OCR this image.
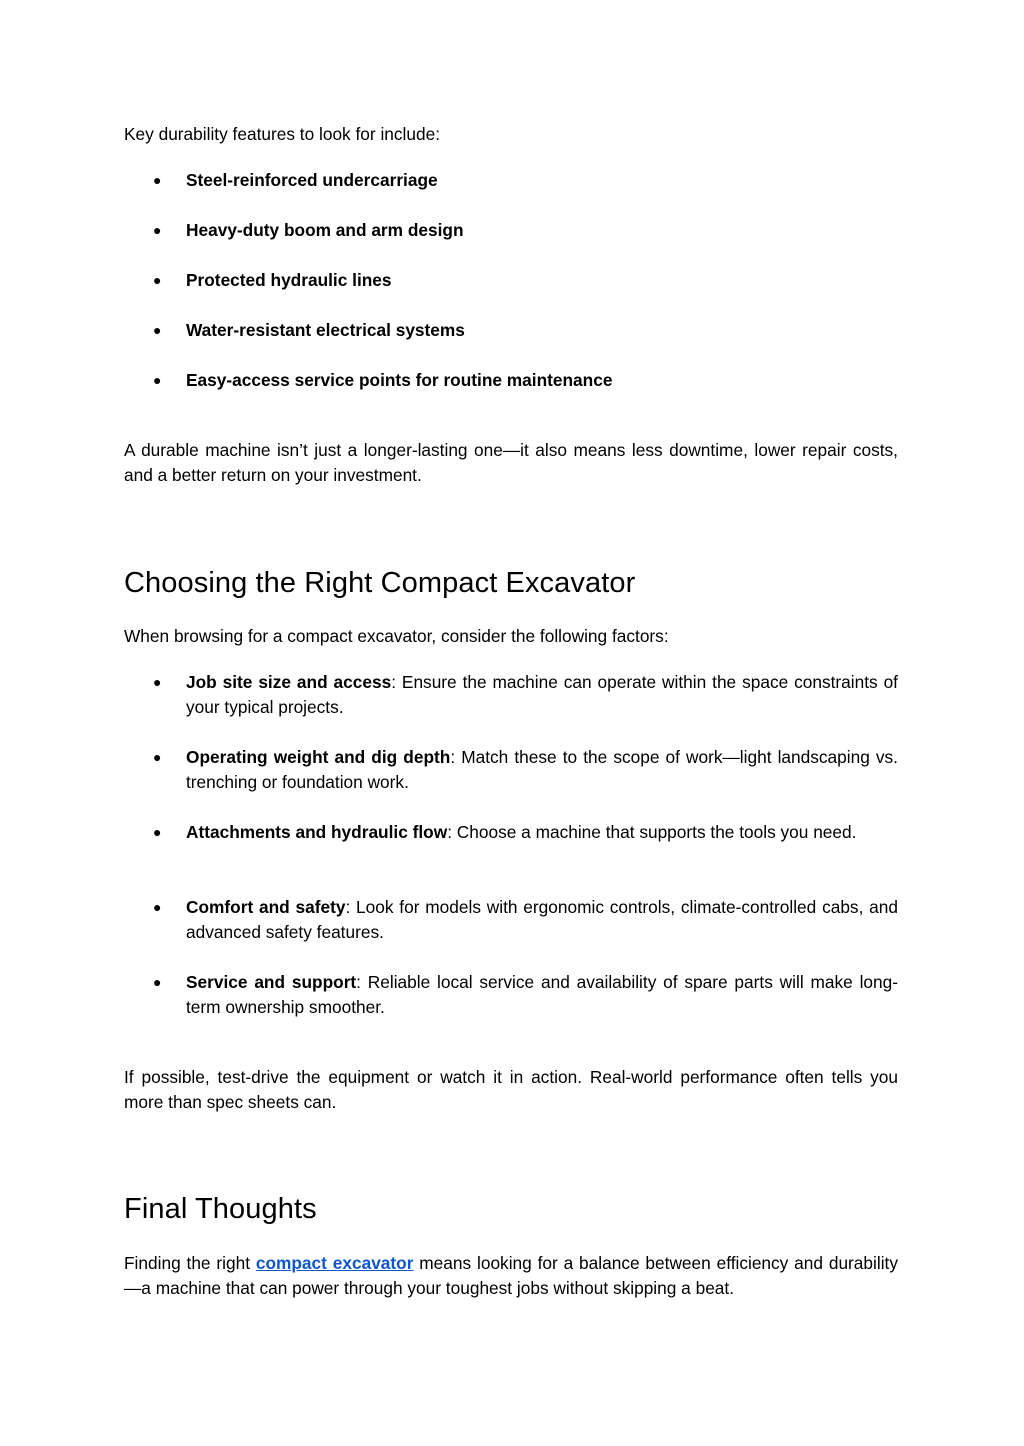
Key durability features to look for include:

●	Steel-reinforced undercarriage
●	Heavy-duty boom and arm design
●	Protected hydraulic lines
●	Water-resistant electrical systems
●	Easy-access service points for routine maintenance

A durable machine isn’t just a longer-lasting one—it also means less downtime, lower repair costs, and a better return on your investment.

Choosing the Right Compact Excavator

When browsing for a compact excavator, consider the following factors:

●	Job site size and access: Ensure the machine can operate within the space constraints of your typical projects.
●	Operating weight and dig depth: Match these to the scope of work—light landscaping vs. trenching or foundation work.
●	Attachments and hydraulic flow: Choose a machine that supports the tools you need.
●	Comfort and safety: Look for models with ergonomic controls, climate-controlled cabs, and advanced safety features.
●	Service and support: Reliable local service and availability of spare parts will make long-term ownership smoother.

If possible, test-drive the equipment or watch it in action. Real-world performance often tells you more than spec sheets can.

Final Thoughts

Finding the right compact excavator means looking for a balance between efficiency and durability—a machine that can power through your toughest jobs without skipping a beat.
